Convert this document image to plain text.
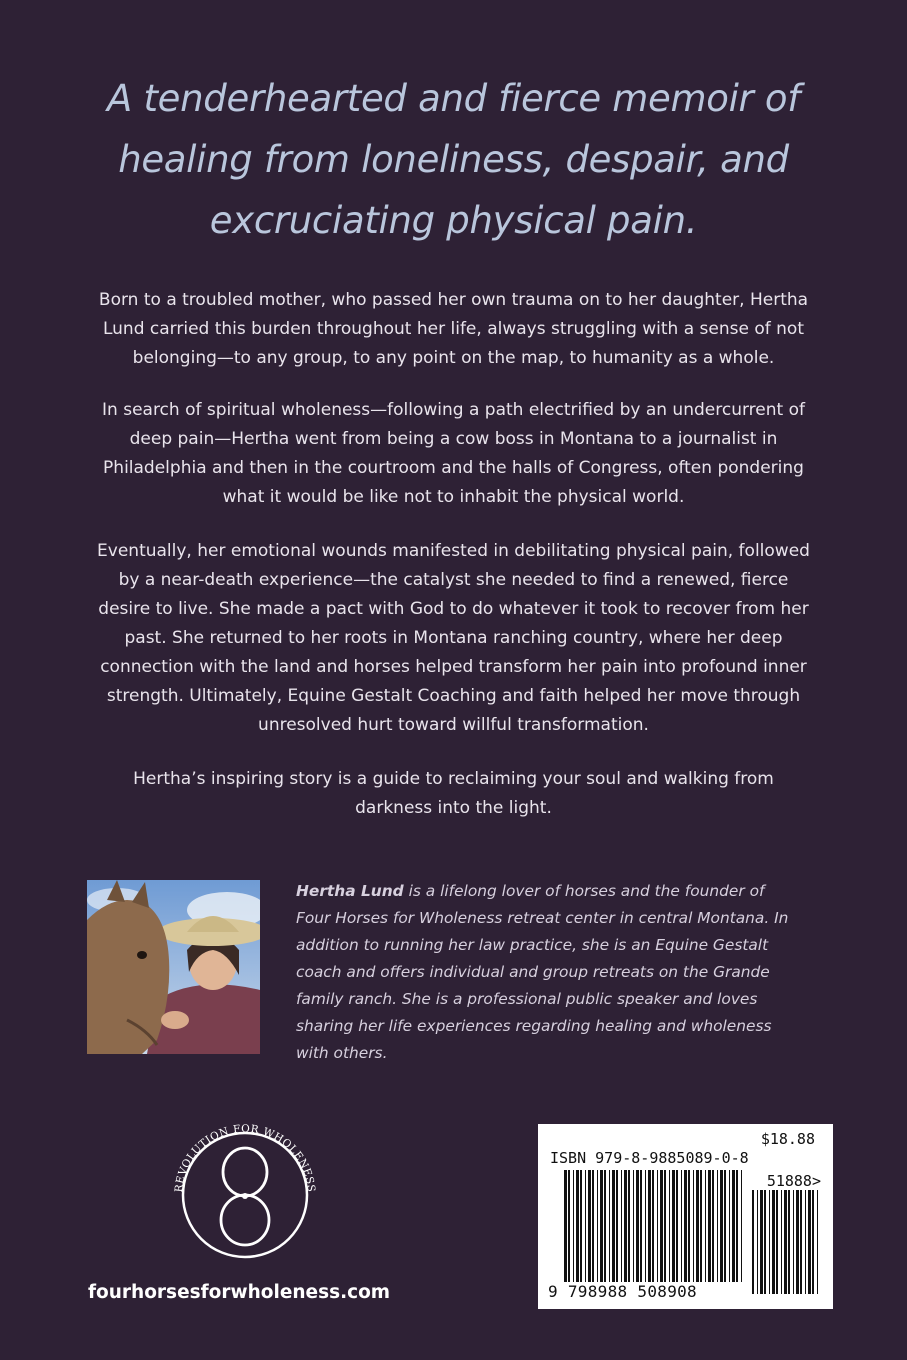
A tenderhearted and fierce memoir of
healing from loneliness, despair, and
excruciating physical pain.
Born to a troubled mother, who passed her own trauma on to her daughter, Hertha
Lund carried this burden throughout her life, always struggling with a sense of not
belonging—to any group, to any point on the map, to humanity as a whole.
In search of spiritual wholeness—following a path electrified by an undercurrent of
deep pain—Hertha went from being a cow boss in Montana to a journalist in
Philadelphia and then in the courtroom and the halls of Congress, often pondering
what it would be like not to inhabit the physical world.
Eventually, her emotional wounds manifested in debilitating physical pain, followed
by a near-death experience—the catalyst she needed to find a renewed, fierce
desire to live. She made a pact with God to do whatever it took to recover from her
past. She returned to her roots in Montana ranching country, where her deep
connection with the land and horses helped transform her pain into profound inner
strength. Ultimately, Equine Gestalt Coaching and faith helped her move through
unresolved hurt toward willful transformation.
Hertha’s inspiring story is a guide to reclaiming your soul and walking from
darkness into the light.
Hertha Lund is a lifelong lover of horses and the founder of
Four Horses for Wholeness retreat center in central Montana. In
addition to running her law practice, she is an Equine Gestalt
coach and offers individual and group retreats on the Grande
family ranch. She is a professional public speaker and loves
sharing her life experiences regarding healing and wholeness
with others.
REVOLUTION FOR WHOLENESS
fourhorsesforwholeness.com
$18.88
ISBN 979-8-9885089-0-8
51888>
9 798988 508908
